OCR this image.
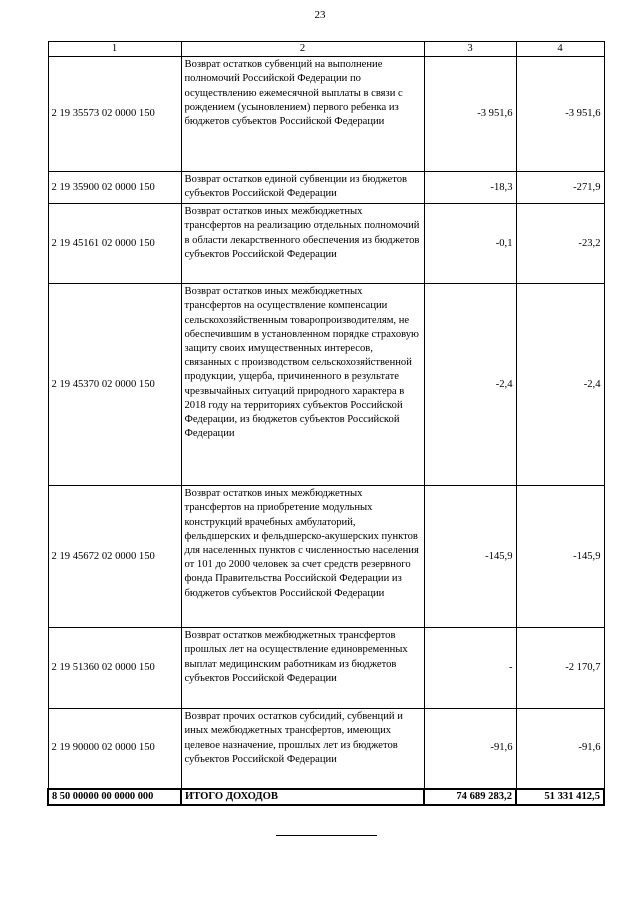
23
1	2	3	4
2 19 35573 02 0000 150	Возврат остатков субвенций на выполнение полномочий Российской Федерации по осуществлению ежемесячной выплаты в связи с рождением (усыновлением) первого ребенка из бюджетов субъектов Российской Федерации	-3 951,6	-3 951,6
2 19 35900 02 0000 150	Возврат остатков единой субвенции из бюджетов субъектов Российской Федерации	-18,3	-271,9
2 19 45161 02 0000 150	Возврат остатков иных межбюджетных трансфертов на реализацию отдельных полномочий в области лекарственного обеспечения из бюджетов субъектов Российской Федерации	-0,1	-23,2
2 19 45370 02 0000 150	Возврат остатков иных межбюджетных трансфертов на осуществление компенсации сельскохозяйственным товаропроизводителям, не обеспечившим в установленном порядке страховую защиту своих имущественных интересов, связанных с производством сельскохозяйственной продукции, ущерба, причиненного в результате чрезвычайных ситуаций природного характера в 2018 году на территориях субъектов Российской Федерации, из бюджетов субъектов Российской Федерации	-2,4	-2,4
2 19 45672 02 0000 150	Возврат остатков иных межбюджетных трансфертов на приобретение модульных конструкций врачебных амбулаторий, фельдшерских и фельдшерско-акушерских пунктов для населенных пунктов с численностью населения от 101 до 2000 человек за счет средств резервного фонда Правительства Российской Федерации из бюджетов субъектов Российской Федерации	-145,9	-145,9
2 19 51360 02 0000 150	Возврат остатков межбюджетных трансфертов прошлых лет на осуществление единовременных выплат медицинским работникам из бюджетов субъектов Российской Федерации	-	-2 170,7
2 19 90000 02 0000 150	Возврат прочих остатков субсидий, субвенций и иных межбюджетных трансфертов, имеющих целевое назначение, прошлых лет из бюджетов субъектов Российской Федерации	-91,6	-91,6
8 50 00000 00 0000 000	ИТОГО ДОХОДОВ	74 689 283,2	51 331 412,5
